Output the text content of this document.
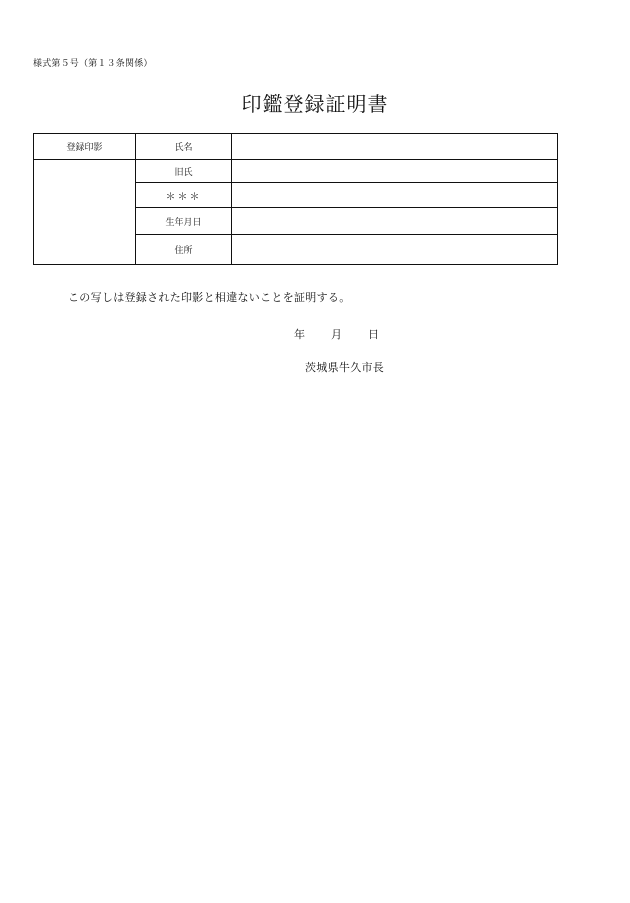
様式第５号（第１３条関係）
印鑑登録証明書
登録印影	氏名	
	旧氏	
	＊＊＊	
	生年月日	
	住所	
この写しは登録された印影と相違ないことを証明する。
年 月 日
茨城県牛久市長
